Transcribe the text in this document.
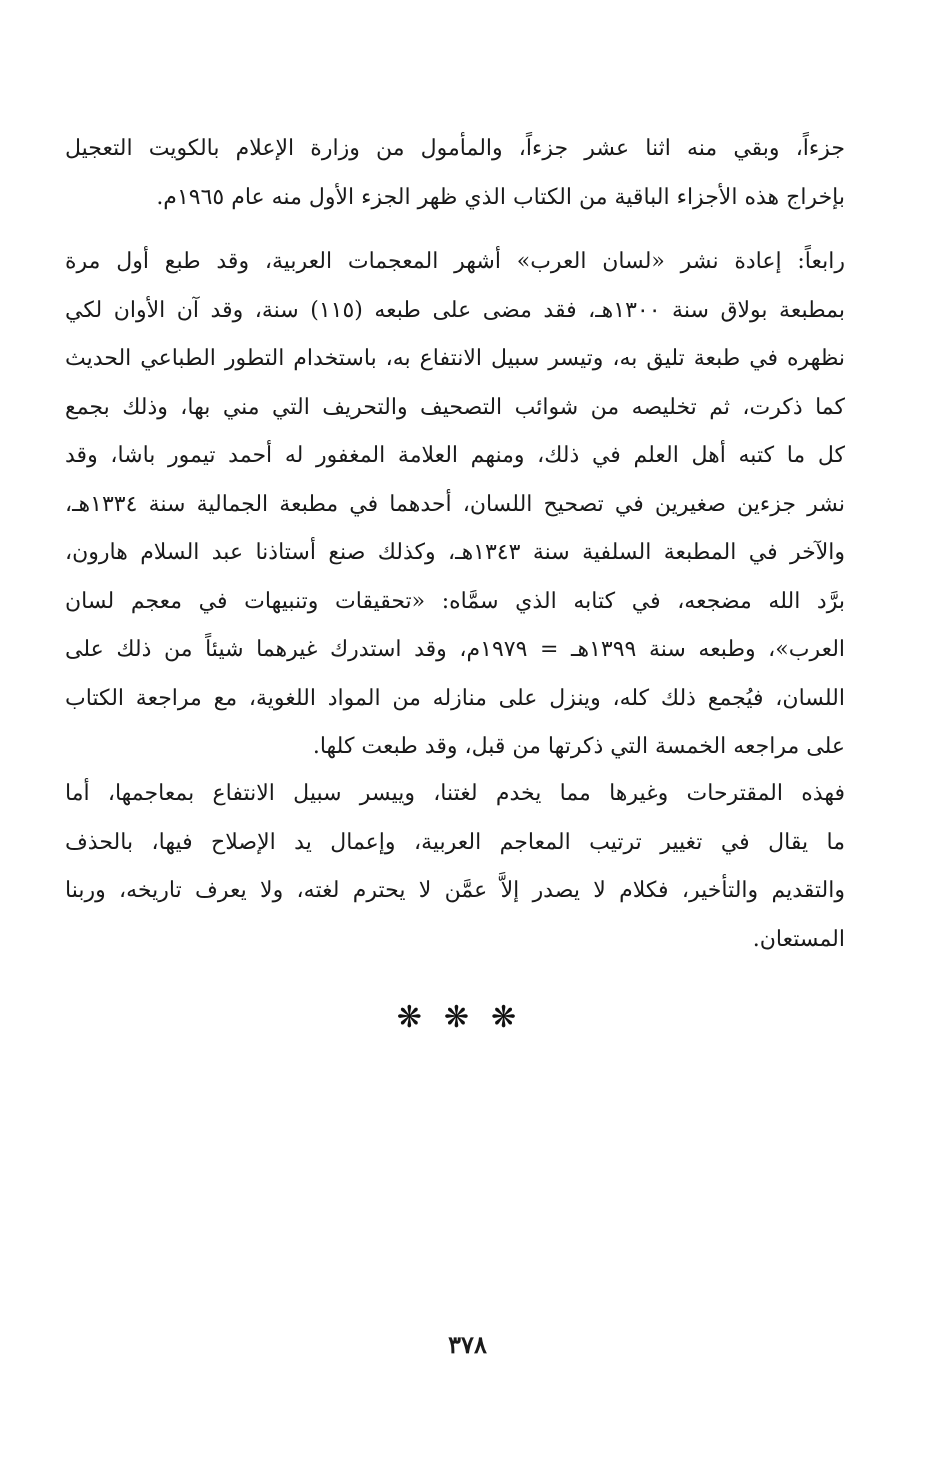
جزءاً، وبقي منه اثنا عشر جزءاً، والمأمول من وزارة الإعلام بالكويت التعجيل
بإخراج هذه الأجزاء الباقية من الكتاب الذي ظهر الجزء الأول منه عام ١٩٦٥م.

رابعاً: إعادة نشر «لسان العرب» أشهر المعجمات العربية، وقد طبع أول مرة
بمطبعة بولاق سنة ١٣٠٠هـ، فقد مضى على طبعه (١١٥) سنة، وقد آن الأوان لكي
نظهره في طبعة تليق به، وتيسر سبيل الانتفاع به، باستخدام التطور الطباعي الحديث
كما ذكرت، ثم تخليصه من شوائب التصحيف والتحريف التي مني بها، وذلك بجمع
كل ما كتبه أهل العلم في ذلك، ومنهم العلامة المغفور له أحمد تيمور باشا، وقد
نشر جزءين صغيرين في تصحيح اللسان، أحدهما في مطبعة الجمالية سنة ١٣٣٤هـ،
والآخر في المطبعة السلفية سنة ١٣٤٣هـ، وكذلك صنع أستاذنا عبد السلام هارون،
برَّد الله مضجعه، في كتابه الذي سمَّاه: «تحقيقات وتنبيهات في معجم لسان
العرب»، وطبعه سنة ١٣٩٩هـ = ١٩٧٩م، وقد استدرك غيرهما شيئاً من ذلك على
اللسان، فيُجمع ذلك كله، وينزل على منازله من المواد اللغوية، مع مراجعة الكتاب
على مراجعه الخمسة التي ذكرتها من قبل، وقد طبعت كلها.

فهذه المقترحات وغيرها مما يخدم لغتنا، وييسر سبيل الانتفاع بمعاجمها، أما
ما يقال في تغيير ترتيب المعاجم العربية، وإعمال يد الإصلاح فيها، بالحذف
والتقديم والتأخير، فكلام لا يصدر إلاَّ عمَّن لا يحترم لغته، ولا يعرف تاريخه، وربنا
المستعان.

❋❋❋
٣٧٨
